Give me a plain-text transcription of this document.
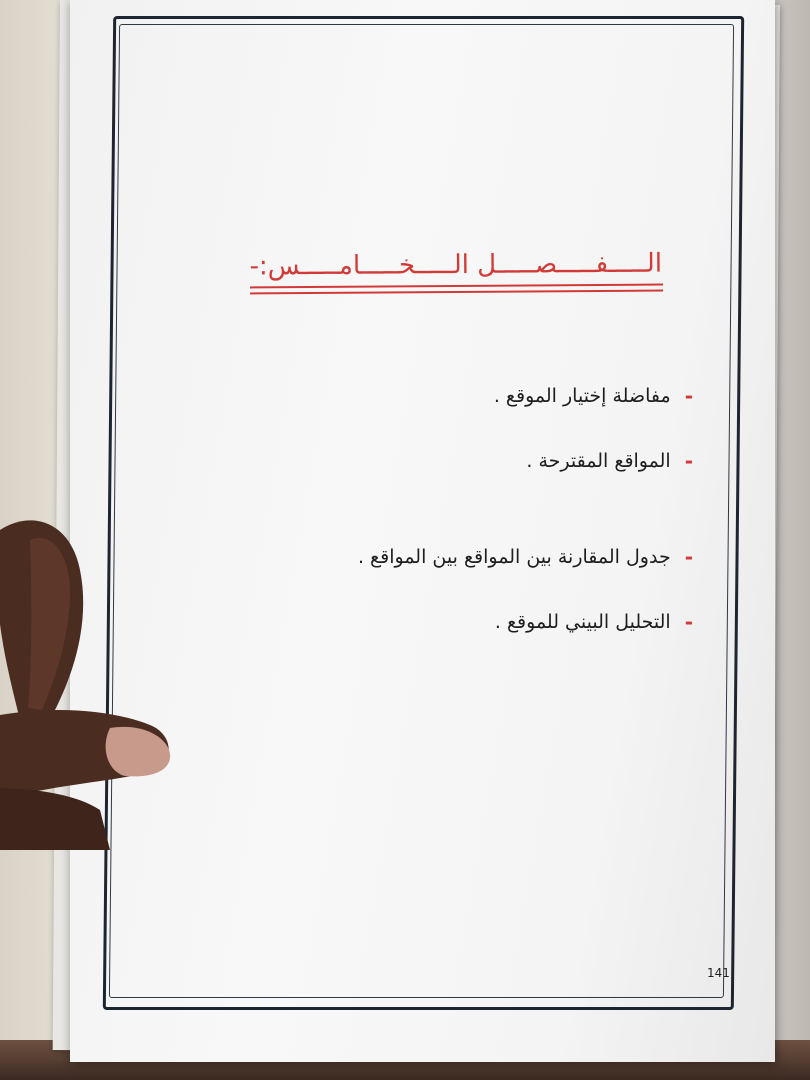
الـــــفـــــصـــــل الـــــخـــــامـــــس:-
-
مفاضلة إختيار الموقع .
-
المواقع المقترحة .
-
جدول المقارنة بين المواقع بين المواقع .
-
التحليل البيني للموقع .
141
